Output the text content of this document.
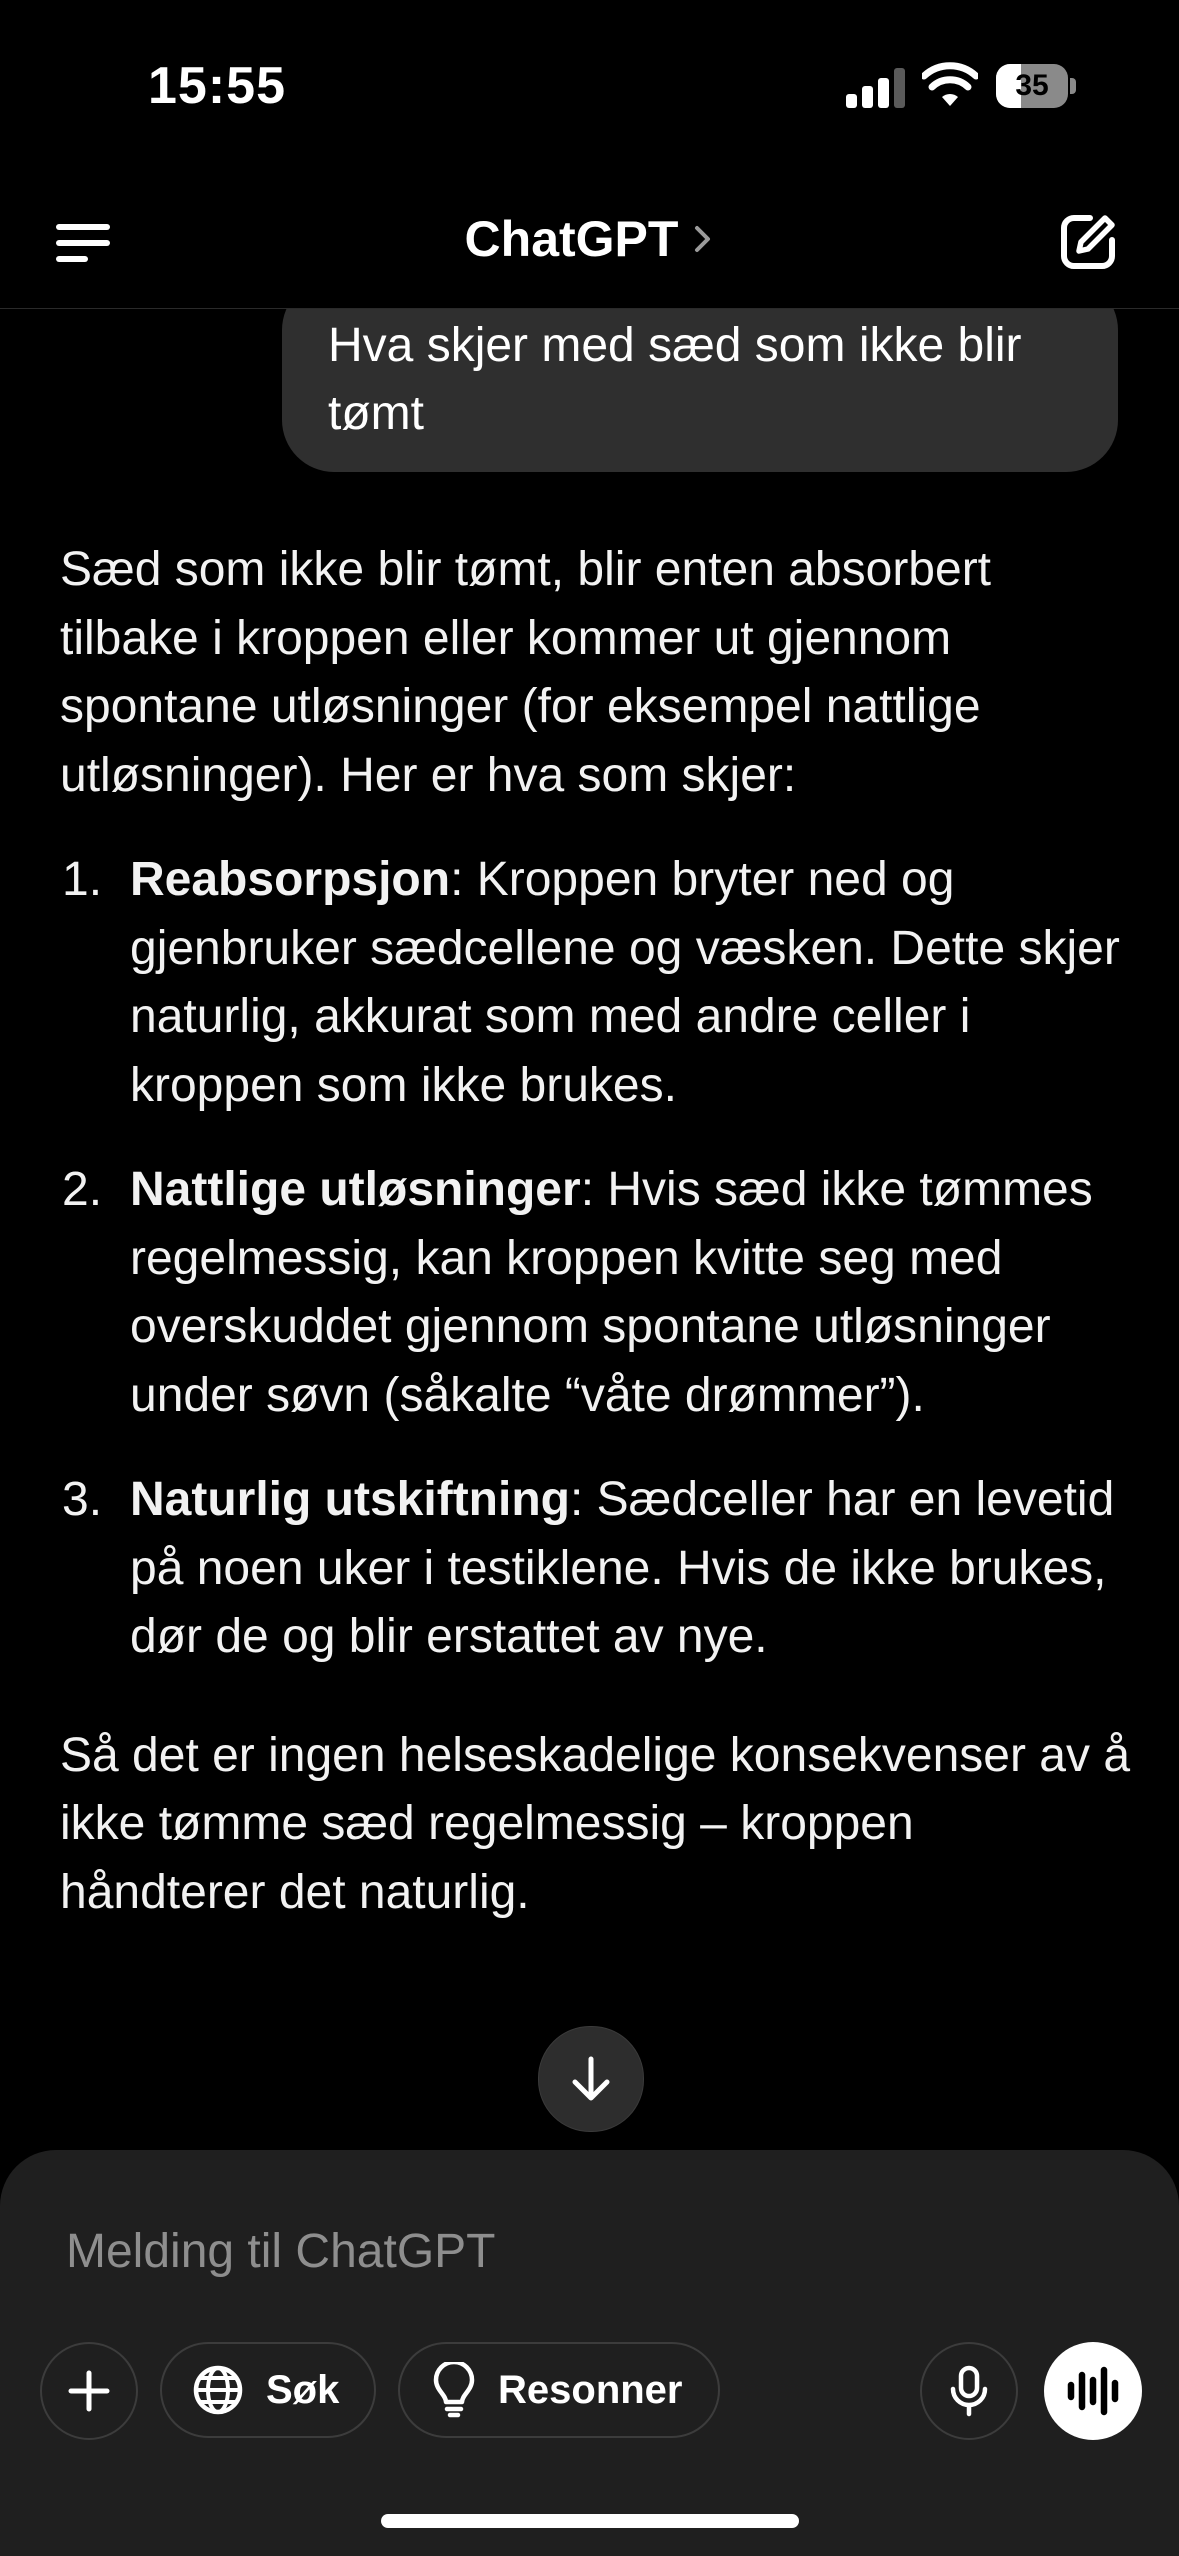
15:55	35
ChatGPT
Hva skjer med sæd som ikke blir tømt

Sæd som ikke blir tømt, blir enten absorbert tilbake i kroppen eller kommer ut gjennom spontane utløsninger (for eksempel nattlige utløsninger). Her er hva som skjer:

1. Reabsorpsjon: Kroppen bryter ned og gjenbruker sædcellene og væsken. Dette skjer naturlig, akkurat som med andre celler i kroppen som ikke brukes.
2. Nattlige utløsninger: Hvis sæd ikke tømmes regelmessig, kan kroppen kvitte seg med overskuddet gjennom spontane utløsninger under søvn (såkalte “våte drømmer”).
3. Naturlig utskiftning: Sædceller har en levetid på noen uker i testiklene. Hvis de ikke brukes, dør de og blir erstattet av nye.

Så det er ingen helseskadelige konsekvenser av å ikke tømme sæd regelmessig – kroppen håndterer det naturlig.

Melding til ChatGPT
Søk	Resonner
